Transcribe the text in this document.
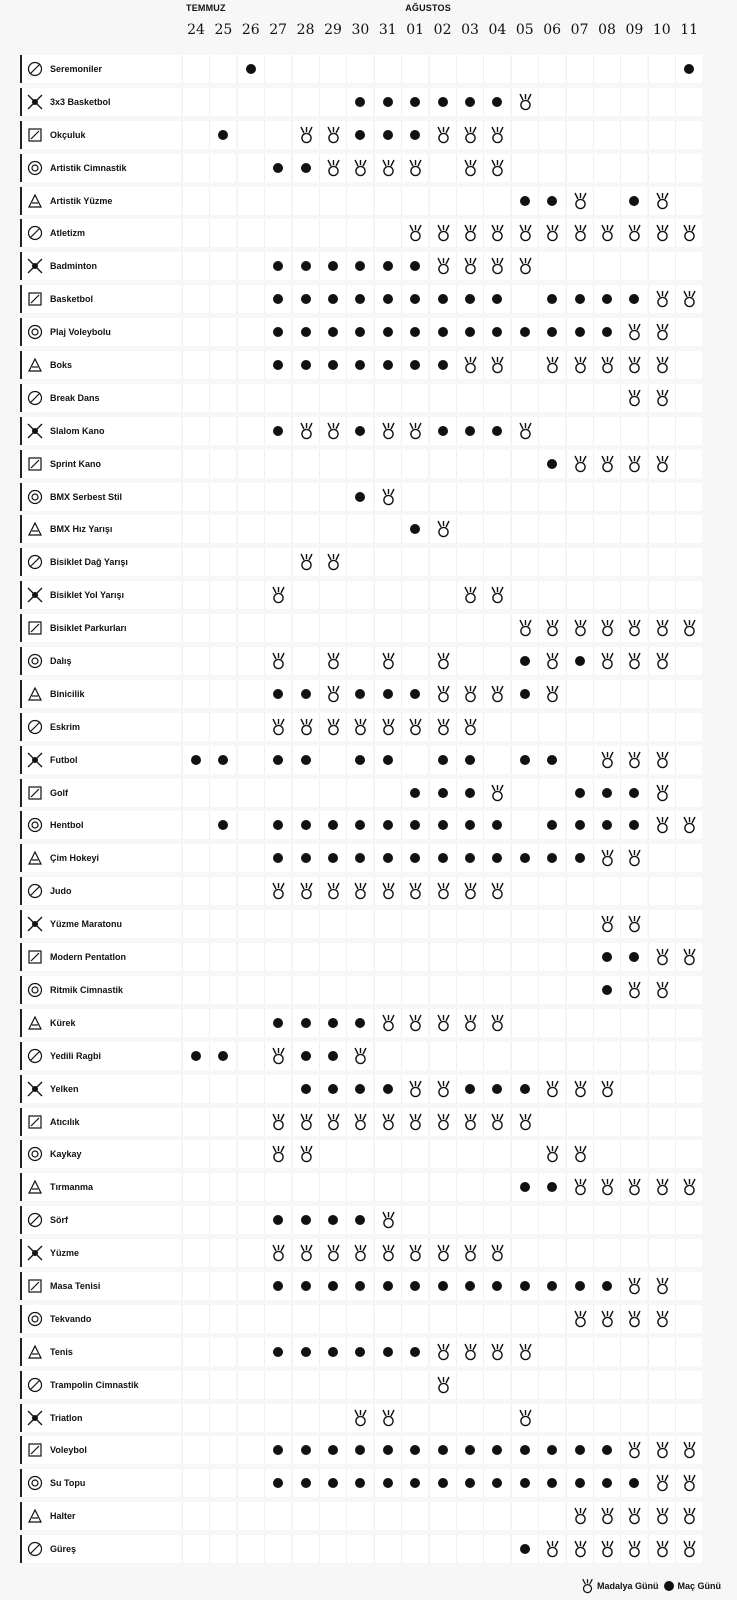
TEMMUZ	AĞUSTOS
24 25 26 27 28 29 30 31 01 02 03 04 05 06 07 08 09 10 11
Seremoniler
3x3 Basketbol
Okçuluk
Artistik Cimnastik
Artistik Yüzme
Atletizm
Badminton
Basketbol
Plaj Voleybolu
Boks
Break Dans
Slalom Kano
Sprint Kano
BMX Serbest Stil
BMX Hız Yarışı
Bisiklet Dağ Yarışı
Bisiklet Yol Yarışı
Bisiklet Parkurları
Dalış
Binicilik
Eskrim
Futbol
Golf
Hentbol
Çim Hokeyi
Judo
Yüzme Maratonu
Modern Pentatlon
Ritmik Cimnastik
Kürek
Yedili Ragbi
Yelken
Atıcılık
Kaykay
Tırmanma
Sörf
Yüzme
Masa Tenisi
Tekvando
Tenis
Trampolin Cimnastik
Triatlon
Voleybol
Su Topu
Halter
Güreş
Madalya Günü Maç Günü
